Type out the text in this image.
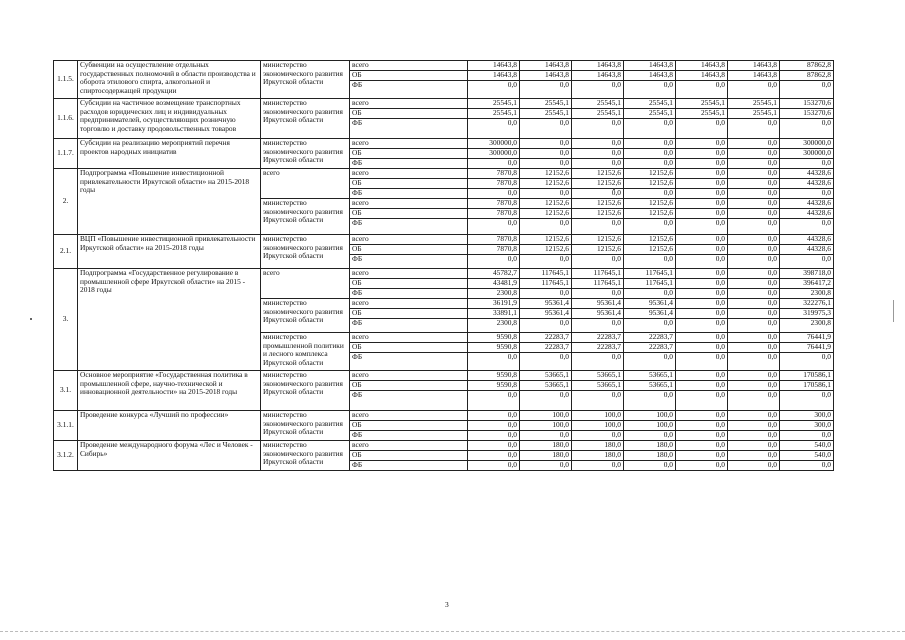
1.1.5.	Субвенции на осуществление отдельных государственных полномочий в области производства и оборота этилового спирта, алкогольной и спиртосодержащей продукции	министерство экономического развития Иркутской области	всего	14643,8	14643,8	14643,8	14643,8	14643,8	14643,8	87862,8
			ОБ	14643,8	14643,8	14643,8	14643,8	14643,8	14643,8	87862,8
			ФБ	0,0	0,0	0,0	0,0	0,0	0,0	0,0
1.1.6.	Субсидии на частичное возмещение транспортных расходов юридических лиц и индивидуальных предпринимателей, осуществляющих розничную торговлю и доставку продовольственных товаров	министерство экономического развития Иркутской области	всего	25545,1	25545,1	25545,1	25545,1	25545,1	25545,1	153270,6
			ОБ	25545,1	25545,1	25545,1	25545,1	25545,1	25545,1	153270,6
			ФБ	0,0	0,0	0,0	0,0	0,0	0,0	0,0
1.1.7.	Субсидии на реализацию мероприятий перечня проектов народных инициатив	министерство экономического развития Иркутской области	всего	300000,0	0,0	0,0	0,0	0,0	0,0	300000,0
			ОБ	300000,0	0,0	0,0	0,0	0,0	0,0	300000,0
			ФБ	0,0	0,0	0,0	0,0	0,0	0,0	0,0
2.	Подпрограмма «Повышение инвестиционной привлекательности Иркутской области» на 2015-2018 годы	всего	всего	7870,8	12152,6	12152,6	12152,6	0,0	0,0	44328,6
			ОБ	7870,8	12152,6	12152,6	12152,6	0,0	0,0	44328,6
			ФБ	0,0	0,0	0,0	0,0	0,0	0,0	0,0
		министерство экономического развития Иркутской области	всего	7870,8	12152,6	12152,6	12152,6	0,0	0,0	44328,6
			ОБ	7870,8	12152,6	12152,6	12152,6	0,0	0,0	44328,6
			ФБ	0,0	0,0	0,0	0,0	0,0	0,0	0,0
2.1.	ВЦП «Повышение инвестиционной привлекательности Иркутской области» на 2015-2018 годы	министерство экономического развития Иркутской области	всего	7870,8	12152,6	12152,6	12152,6	0,0	0,0	44328,6
			ОБ	7870,8	12152,6	12152,6	12152,6	0,0	0,0	44328,6
			ФБ	0,0	0,0	0,0	0,0	0,0	0,0	0,0
3.	Подпрограмма «Государственное регулирование в промышленной сфере Иркутской области» на 2015 - 2018 годы	всего	всего	45782,7	117645,1	117645,1	117645,1	0,0	0,0	398718,0
			ОБ	43481,9	117645,1	117645,1	117645,1	0,0	0,0	396417,2
			ФБ	2300,8	0,0	0,0	0,0	0,0	0,0	2300,8
		министерство экономического развития Иркутской области	всего	36191,9	95361,4	95361,4	95361,4	0,0	0,0	322276,1
			ОБ	33891,1	95361,4	95361,4	95361,4	0,0	0,0	319975,3
			ФБ	2300,8	0,0	0,0	0,0	0,0	0,0	2300,8
		министерство промышленной политики и лесного комплекса Иркутской области	всего	9590,8	22283,7	22283,7	22283,7	0,0	0,0	76441,9
			ОБ	9590,8	22283,7	22283,7	22283,7	0,0	0,0	76441,9
			ФБ	0,0	0,0	0,0	0,0	0,0	0,0	0,0
3.1.	Основное мероприятие «Государственная политика в промышленной сфере, научно-технической и инновационной деятельности» на 2015-2018 годы	министерство экономического развития Иркутской области	всего	9590,8	53665,1	53665,1	53665,1	0,0	0,0	170586,1
			ОБ	9590,8	53665,1	53665,1	53665,1	0,0	0,0	170586,1
			ФБ	0,0	0,0	0,0	0,0	0,0	0,0	0,0
3.1.1.	Проведение конкурса «Лучший по профессии»	министерство экономического развития Иркутской области	всего	0,0	100,0	100,0	100,0	0,0	0,0	300,0
			ОБ	0,0	100,0	100,0	100,0	0,0	0,0	300,0
			ФБ	0,0	0,0	0,0	0,0	0,0	0,0	0,0
3.1.2.	Проведение международного форума «Лес и Человек - Сибирь»	министерство экономического развития Иркутской области	всего	0,0	180,0	180,0	180,0	0,0	0,0	540,0
			ОБ	0,0	180,0	180,0	180,0	0,0	0,0	540,0
			ФБ	0,0	0,0	0,0	0,0	0,0	0,0	0,0
3
